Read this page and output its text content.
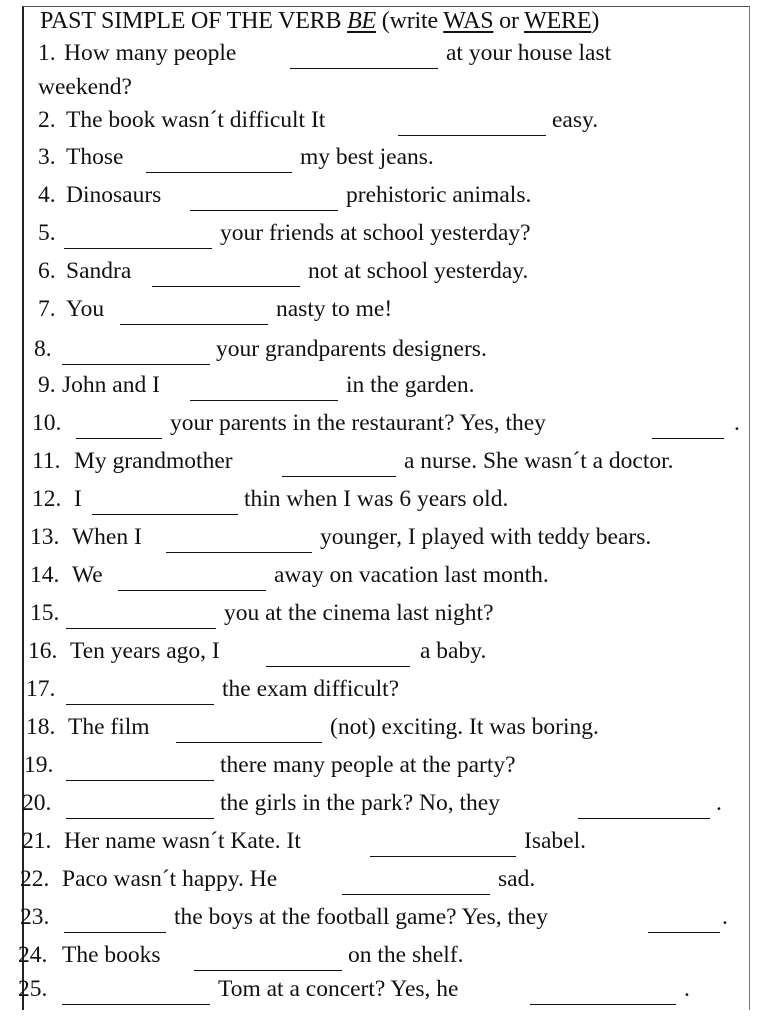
PAST SIMPLE OF THE VERB BE (write WAS or WERE)
1. How many people	at your house last
weekend?
2. The book wasn´t difficult It	easy.
3. Those	my best jeans.
4. Dinosaurs	prehistoric animals.
5.	your friends at school yesterday?
6. Sandra	not at school yesterday.
7. You	nasty to me!
8.	your grandparents designers.
9. John and I	in the garden.
10.	your parents in the restaurant? Yes, they	.
11. My grandmother	a nurse. She wasn´t a doctor.
12. I	thin when I was 6 years old.
13. When I	younger, I played with teddy bears.
14. We	away on vacation last month.
15.	you at the cinema last night?
16. Ten years ago, I	a baby.
17.	the exam difficult?
18. The film	(not) exciting. It was boring.
19.	there many people at the party?
20.	the girls in the park? No, they	.
21. Her name wasn´t Kate. It	Isabel.
22. Paco wasn´t happy. He	sad.
23.	the boys at the football game? Yes, they	.
24. The books	on the shelf.
25.	Tom at a concert? Yes, he	.
